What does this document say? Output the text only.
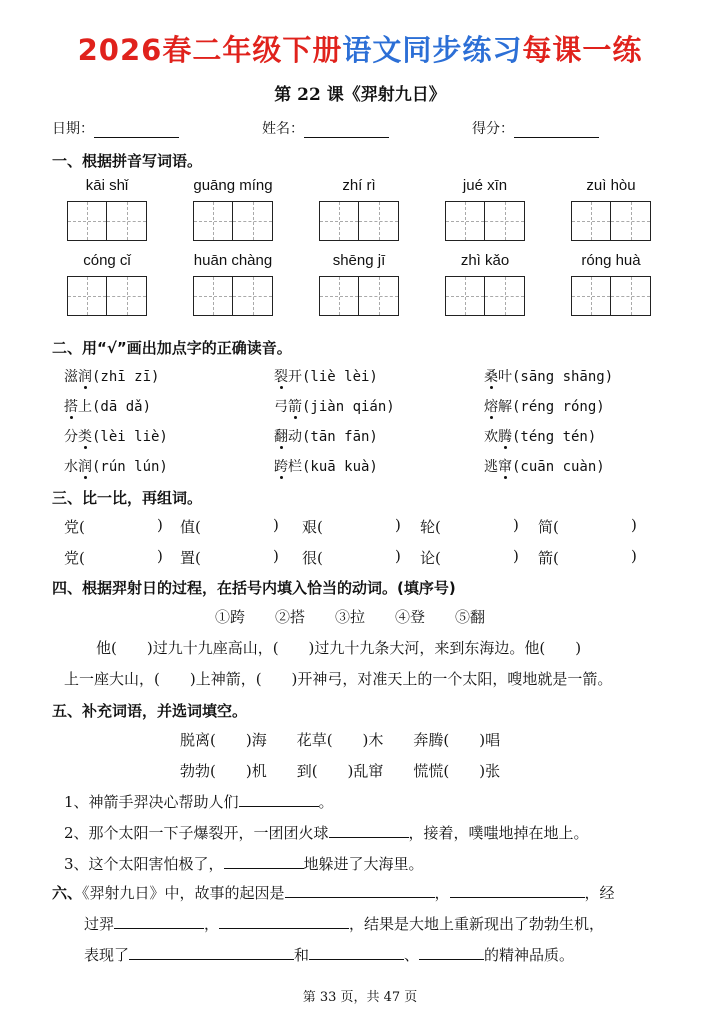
2026春二年级下册语文同步练习每课一练
第 22 课《羿射九日》
日期：	姓名：	得分：
一、根据拼音写词语。
kāi shǐ	guāng míng	zhí rì	jué xīn	zuì hòu
cóng cǐ	huān chàng	shēng jī	zhì kǎo	róng huà
二、用“√”画出加点字的正确读音。
滋润(zhī zī)	裂开(liè lèi)	桑叶(sāng shāng)
搭上(dā dǎ)	弓箭(jiàn qián)	熔解(réng róng)
分类(lèi liè)	翻动(tān fān)	欢腾(téng tén)
水润(rún lún)	跨栏(kuā kuà)	逃窜(cuān cuàn)
三、比一比，再组词。
党(	) 值(	) 艰(	) 轮(	) 简(	)
党(	) 置(	) 很(	) 论(	) 箭(	)
四、根据羿射日的过程，在括号内填入恰当的动词。(填序号)
①跨　　②搭　　③拉　　④登　　⑤翻
他(　　)过九十九座高山，(　　)过九十九条大河，来到东海边。他(　　)
上一座大山，(　　)上神箭，(　　)开神弓，对准天上的一个太阳，嗖地就是一箭。
五、补充词语，并选词填空。
脱离(　　)海　　花草(　　)木　　奔腾(　　)唱
勃勃(　　)机　　到(　　)乱窜　　慌慌(　　)张
1、神箭手羿决心帮助人们	。
2、那个太阳一下子爆裂开，一团团火球	，接着，噗嗤地掉在地上。
3、这个太阳害怕极了，	地躲进了大海里。
六、《羿射九日》中，故事的起因是	，	，经
过羿	，	，结果是大地上重新现出了勃勃生机，
表现了	和	、	的精神品质。
第 33 页，共 47 页
